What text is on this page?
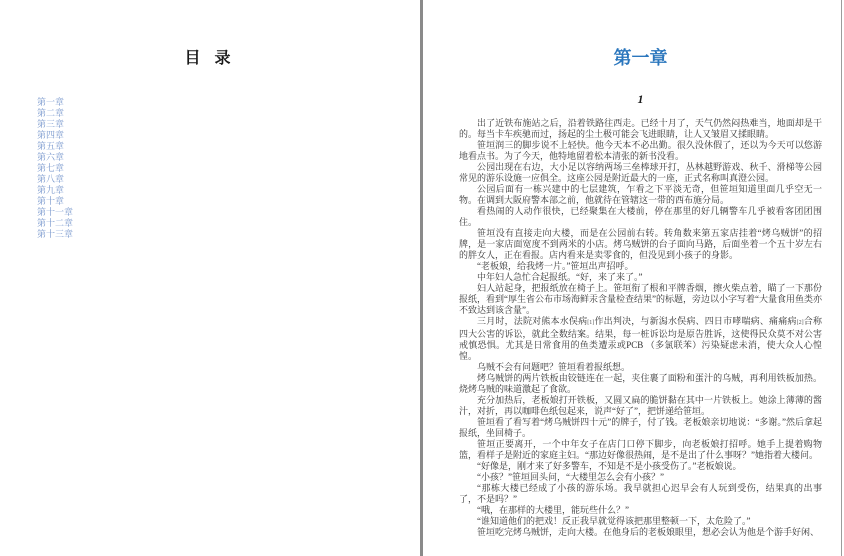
目 录
第一章
第二章
第三章
第四章
第五章
第六章
第七章
第八章
第九章
第十章
第十一章
第十二章
第十三章
第一章
1

出了近铁布施站之后，沿着铁路往西走。已经十月了，天气仍然闷热难当，地面却是干的。每当卡车疾驰而过，扬起的尘土极可能会飞进眼睛，让人又皱眉又揉眼睛。

笹垣润三的脚步说不上轻快。他今天本不必出勤。很久没休假了，还以为今天可以悠游地看点书。为了今天，他特地留着松本清张的新书没看。

公园出现在右边，大小足以容纳两场三垒棒球开打，丛林越野游戏、秋千、滑梯等公园常见的游乐设施一应俱全。这座公园是附近最大的一座，正式名称叫真澄公园。

公园后面有一栋兴建中的七层建筑，乍看之下平淡无奇，但笹垣知道里面几乎空无一物。在调到大阪府警本部之前，他就待在管辖这一带的西布施分局。

看热闹的人动作很快，已经聚集在大楼前，停在那里的好几辆警车几乎被看客团团围住。

笹垣没有直接走向大楼，而是在公园前右转。转角数来第五家店挂着“烤乌贼饼”的招牌，是一家店面宽度不到两米的小店。烤乌贼饼的台子面向马路，后面坐着一个五十岁左右的胖女人，正在看报。店内看来是卖零食的，但没见到小孩子的身影。

“老板娘，给我烤一片。”笹垣出声招呼。

中年妇人急忙合起报纸。“好，来了来了。”

妇人站起身，把报纸放在椅子上。笹垣衔了根和平牌香烟，擦火柴点着，瞄了一下那份报纸，看到“厚生省公布市场海鲜汞含量检查结果”的标题，旁边以小字写着“大量食用鱼类亦不致达到该含量”。

三月时，法院对熊本水俣病[1]作出判决，与新潟水俣病、四日市哮喘病、痛痛病[2]合称四大公害的诉讼，就此全数结案。结果，每一桩诉讼均是原告胜诉，这使得民众莫不对公害戒慎恐惧。尤其是日常食用的鱼类遭汞或PCB （多氯联苯）污染疑虑未消，使大众人心惶惶。

乌贼不会有问题吧？笹垣看着报纸想。

烤乌贼饼的两片铁板由铰链连在一起，夹住裹了面粉和蛋汁的乌贼，再利用铁板加热。烧烤乌贼的味道激起了食欲。

充分加热后，老板娘打开铁板，又圆又扁的脆饼黏在其中一片铁板上。她涂上薄薄的酱汁，对折，再以咖啡色纸包起来，说声“好了”，把饼递给笹垣。

笹垣看了看写着“烤乌贼饼四十元”的牌子，付了钱。老板娘亲切地说：“多谢。”然后拿起报纸，坐回椅子。

笹垣正要离开，一个中年女子在店门口停下脚步，向老板娘打招呼。她手上提着购物篮，看样子是附近的家庭主妇。“那边好像很热闹，是不是出了什么事呀？”她指着大楼问。

“好像是，刚才来了好多警车，不知是不是小孩受伤了。”老板娘说。

“小孩？”笹垣回头问，“大楼里怎么会有小孩？”

“那栋大楼已经成了小孩的游乐场。我早就担心迟早会有人玩到受伤，结果真的出事了，不是吗？”

“哦，在那样的大楼里，能玩些什么？”

“谁知道他们的把戏！反正我早就觉得该把那里整顿一下，太危险了。”

笹垣吃完烤乌贼饼，走向大楼。在他身后的老板娘眼里，想必会认为他是个游手好闲、
